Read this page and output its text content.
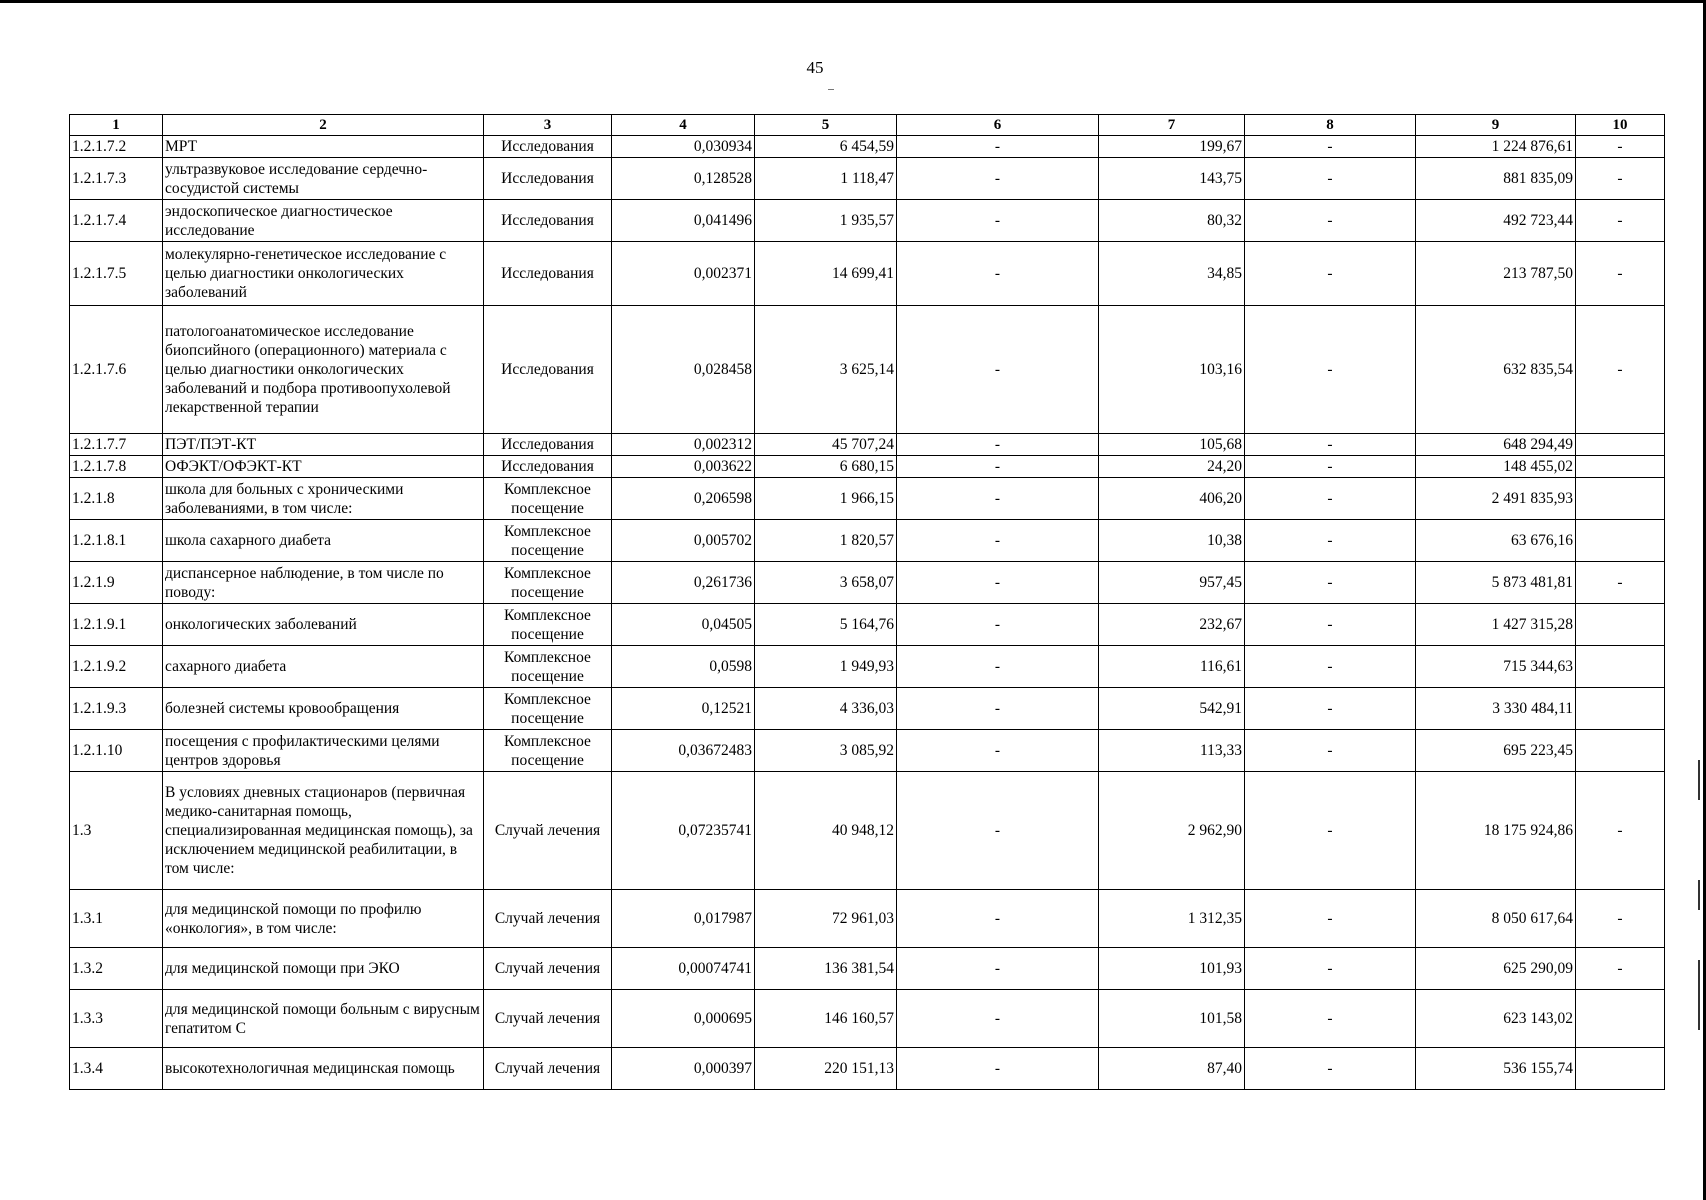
45
1	2	3	4	5	6	7	8	9	10
1.2.1.7.2	МРТ	Исследования	0,030934	6 454,59	-	199,67	-	1 224 876,61	-
1.2.1.7.3	ультразвуковое исследование сердечно-сосудистой системы	Исследования	0,128528	1 118,47	-	143,75	-	881 835,09	-
1.2.1.7.4	эндоскопическое диагностическое исследование	Исследования	0,041496	1 935,57	-	80,32	-	492 723,44	-
1.2.1.7.5	молекулярно-генетическое исследование с целью диагностики онкологических заболеваний	Исследования	0,002371	14 699,41	-	34,85	-	213 787,50	-
1.2.1.7.6	патологоанатомическое исследование биопсийного (операционного) материала с целью диагностики онкологических заболеваний и подбора противоопухолевой лекарственной терапии	Исследования	0,028458	3 625,14	-	103,16	-	632 835,54	-
1.2.1.7.7	ПЭТ/ПЭТ-КТ	Исследования	0,002312	45 707,24	-	105,68	-	648 294,49	
1.2.1.7.8	ОФЭКТ/ОФЭКТ-КТ	Исследования	0,003622	6 680,15	-	24,20	-	148 455,02	
1.2.1.8	школа для больных с хроническими заболеваниями, в том числе:	Комплексное посещение	0,206598	1 966,15	-	406,20	-	2 491 835,93	
1.2.1.8.1	школа сахарного диабета	Комплексное посещение	0,005702	1 820,57	-	10,38	-	63 676,16	
1.2.1.9	диспансерное наблюдение, в том числе по поводу:	Комплексное посещение	0,261736	3 658,07	-	957,45	-	5 873 481,81	-
1.2.1.9.1	онкологических заболеваний	Комплексное посещение	0,04505	5 164,76	-	232,67	-	1 427 315,28	
1.2.1.9.2	сахарного диабета	Комплексное посещение	0,0598	1 949,93	-	116,61	-	715 344,63	
1.2.1.9.3	болезней системы кровообращения	Комплексное посещение	0,12521	4 336,03	-	542,91	-	3 330 484,11	
1.2.1.10	посещения с профилактическими целями центров здоровья	Комплексное посещение	0,03672483	3 085,92	-	113,33	-	695 223,45	
1.3	В условиях дневных стационаров (первичная медико-санитарная помощь, специализированная медицинская помощь), за исключением медицинской реабилитации, в том числе:	Случай лечения	0,07235741	40 948,12	-	2 962,90	-	18 175 924,86	-
1.3.1	для медицинской помощи по профилю «онкология», в том числе:	Случай лечения	0,017987	72 961,03	-	1 312,35	-	8 050 617,64	-
1.3.2	для медицинской помощи при ЭКО	Случай лечения	0,00074741	136 381,54	-	101,93	-	625 290,09	-
1.3.3	для медицинской помощи больным с вирусным гепатитом С	Случай лечения	0,000695	146 160,57	-	101,58	-	623 143,02	
1.3.4	высокотехнологичная медицинская помощь	Случай лечения	0,000397	220 151,13	-	87,40	-	536 155,74	
